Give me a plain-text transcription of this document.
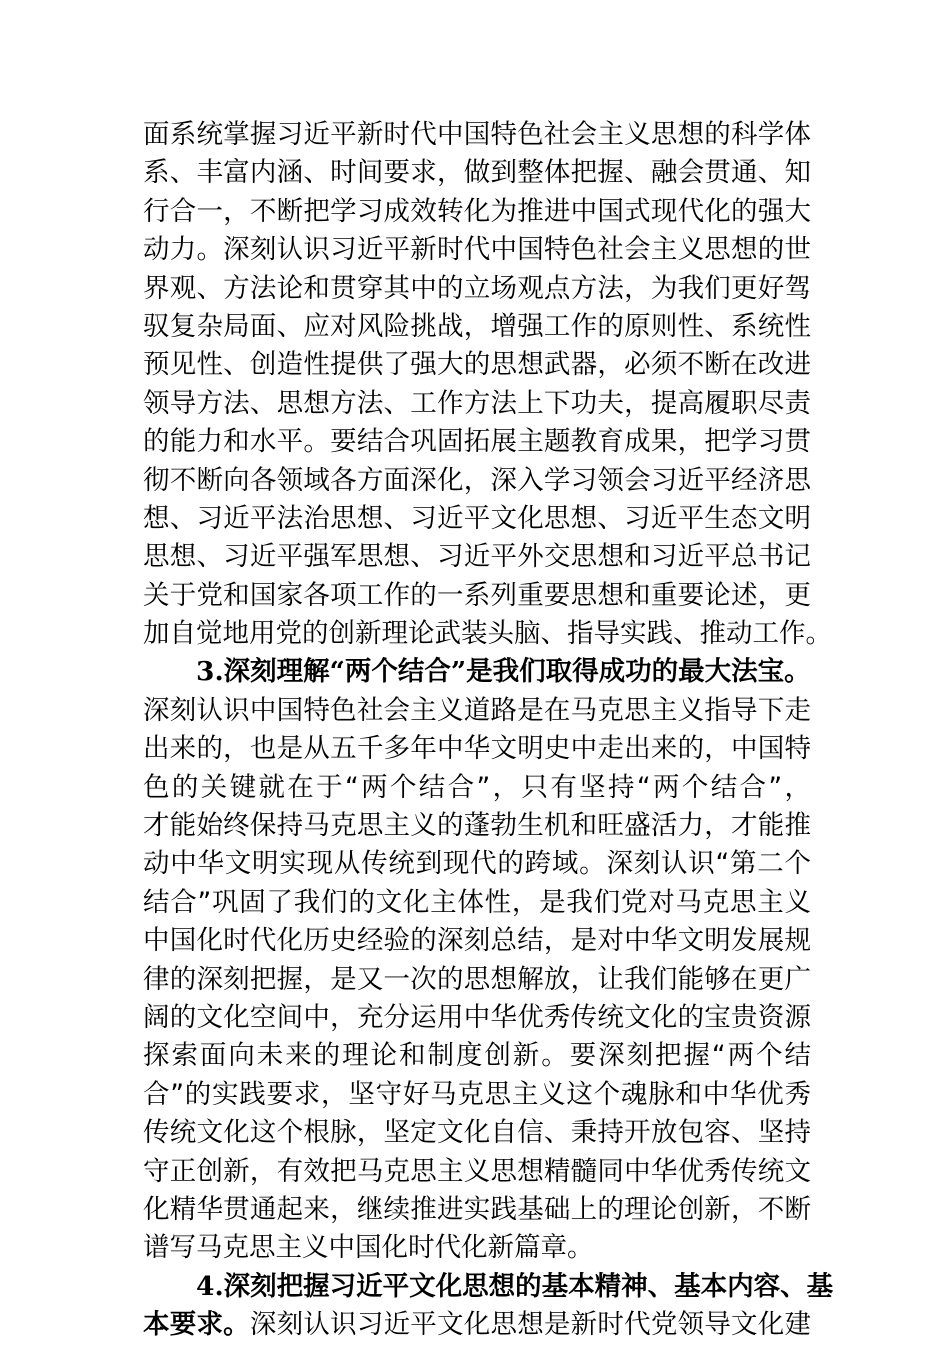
面系统掌握习近平新时代中国特色社会主义思想的科学体
系、丰富内涵、时间要求，做到整体把握、融会贯通、知
行合一，不断把学习成效转化为推进中国式现代化的强大
动力。深刻认识习近平新时代中国特色社会主义思想的世
界观、方法论和贯穿其中的立场观点方法，为我们更好驾
驭复杂局面、应对风险挑战，增强工作的原则性、系统性
预见性、创造性提供了强大的思想武器，必须不断在改进
领导方法、思想方法、工作方法上下功夫，提高履职尽责
的能力和水平。要结合巩固拓展主题教育成果，把学习贯
彻不断向各领域各方面深化，深入学习领会习近平经济思
想、习近平法治思想、习近平文化思想、习近平生态文明
思想、习近平强军思想、习近平外交思想和习近平总书记
关于党和国家各项工作的一系列重要思想和重要论述，更
加自觉地用党的创新理论武装头脑、指导实践、推动工作。
3.深刻理解“两个结合”是我们取得成功的最大法宝。
深刻认识中国特色社会主义道路是在马克思主义指导下走
出来的，也是从五千多年中华文明史中走出来的，中国特
色的关键就在于“两个结合”，只有坚持“两个结合”，
才能始终保持马克思主义的蓬勃生机和旺盛活力，才能推
动中华文明实现从传统到现代的跨域。深刻认识“第二个
结合”巩固了我们的文化主体性，是我们党对马克思主义
中国化时代化历史经验的深刻总结，是对中华文明发展规
律的深刻把握，是又一次的思想解放，让我们能够在更广
阔的文化空间中，充分运用中华优秀传统文化的宝贵资源
探索面向未来的理论和制度创新。要深刻把握“两个结
合”的实践要求，坚守好马克思主义这个魂脉和中华优秀
传统文化这个根脉，坚定文化自信、秉持开放包容、坚持
守正创新，有效把马克思主义思想精髓同中华优秀传统文
化精华贯通起来，继续推进实践基础上的理论创新，不断
谱写马克思主义中国化时代化新篇章。
4.深刻把握习近平文化思想的基本精神、基本内容、基
本要求。深刻认识习近平文化思想是新时代党领导文化建
